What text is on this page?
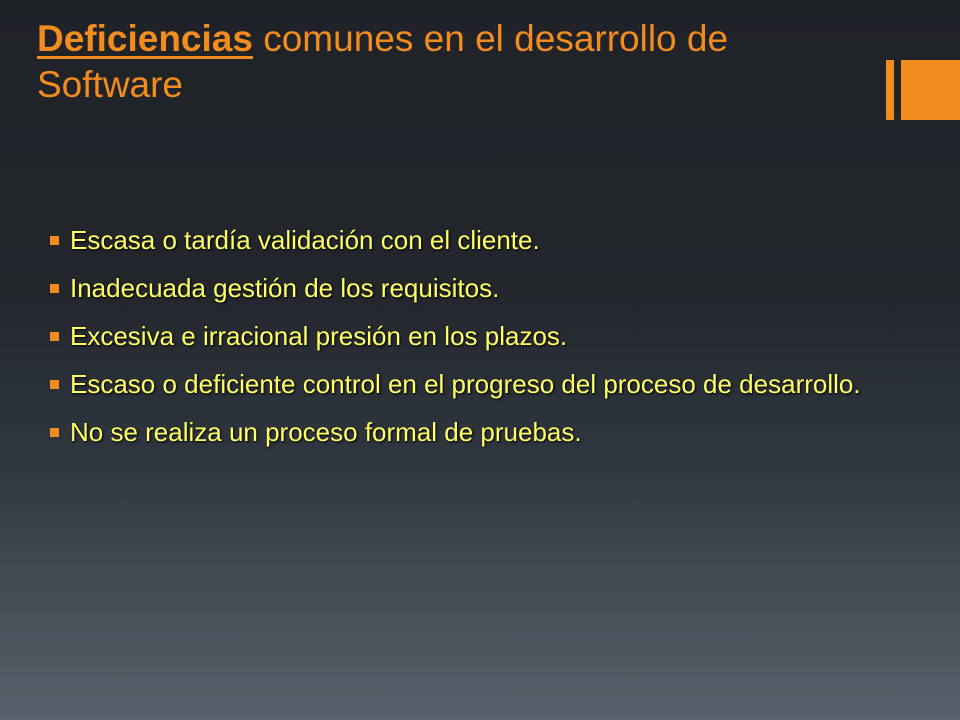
Deficiencias comunes en el desarrollo de Software
Escasa o tardía validación con el cliente.
Inadecuada gestión de los requisitos.
Excesiva e irracional presión en los plazos.
Escaso o deficiente control en el progreso del proceso de desarrollo.
No se realiza un proceso formal de pruebas.
